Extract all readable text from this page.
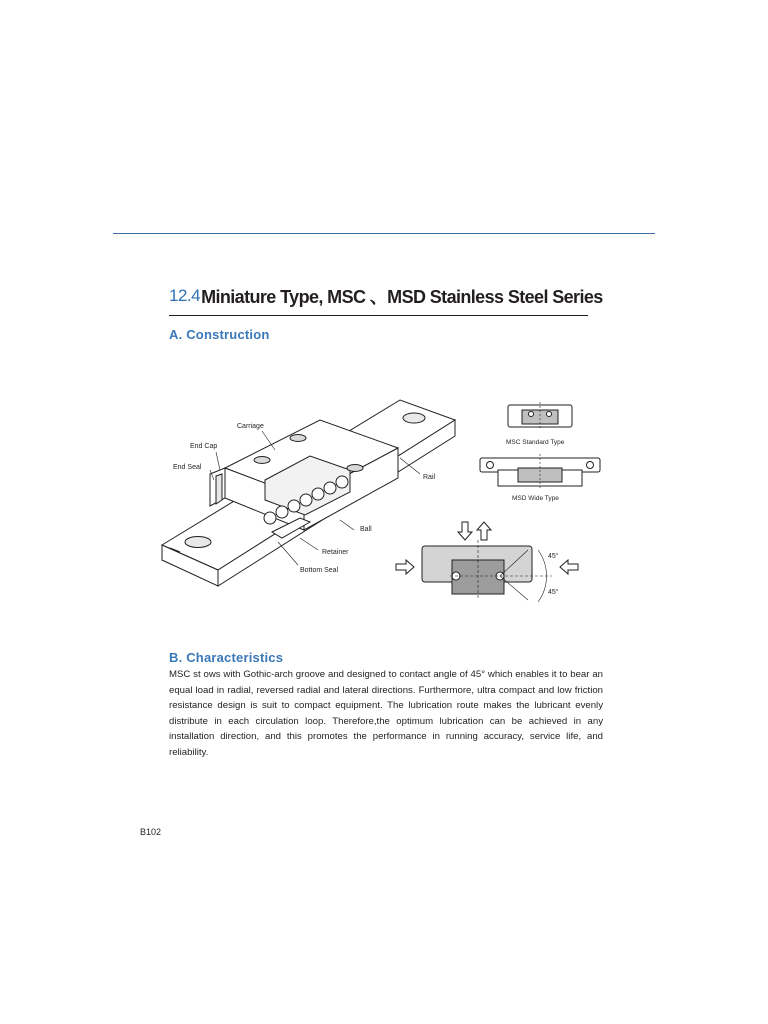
12.4Miniature Type, MSC 、MSD Stainless Steel Series
A. Construction
Carriage
End Cap
End Seal
Rail
Ball
Retainer
Bottom Seal
MSC Standard Type
MSD Wide Type
45°
45°
B. Characteristics
MSC st ows with Gothic-arch groove and designed to contact angle of 45° which enables it to bear an equal load in radial, reversed radial and lateral directions. Furthermore, ultra compact and low friction resistance design is suit to compact equipment. The lubrication route makes the lubricant evenly distribute in each circulation loop. Therefore,the optimum lubrication can be achieved in any installation direction, and this promotes the performance in running accuracy, service life, and reliability.
B102
